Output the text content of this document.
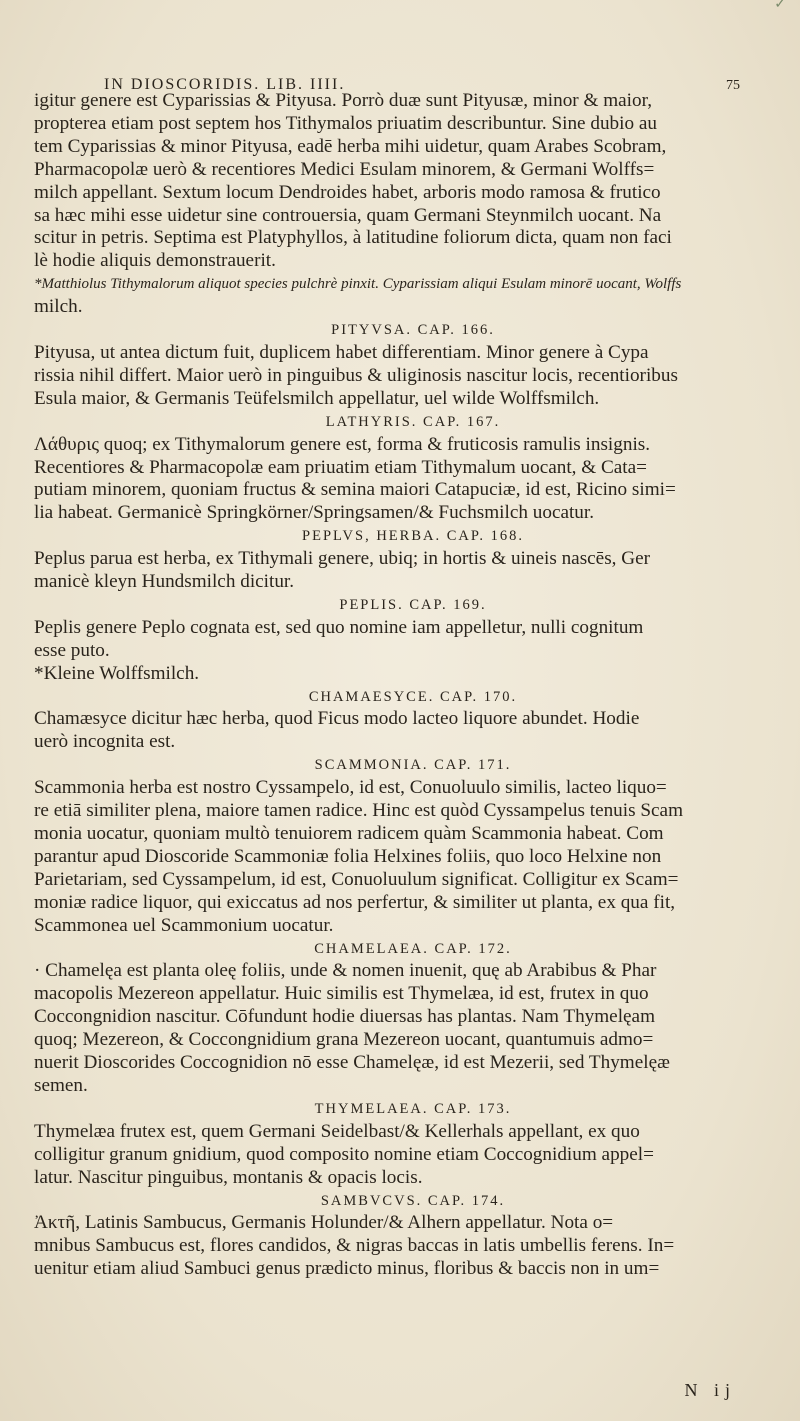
✓
IN DIOSCORIDIS. LIB. IIII.	75
igitur genere est Cyparissias & Pityusa. Porrò duæ sunt Pityusæ, minor & maior,
propterea etiam post septem hos Tithymalos priuatim describuntur. Sine dubio au
tem Cyparissias & minor Pityusa, eadē herba mihi uidetur, quam Arabes Scobram,
Pharmacopolæ uerò & recentiores Medici Esulam minorem, & Germani Wolffs=
milch appellant. Sextum locum Dendroides habet, arboris modo ramosa & frutico
sa hæc mihi esse uidetur sine controuersia, quam Germani Steynmilch uocant. Na
scitur in petris. Septima est Platyphyllos, à latitudine foliorum dicta, quam non faci
lè hodie aliquis demonstrauerit.
*Matthiolus Tithymalorum aliquot species pulchrè pinxit. Cyparissiam aliqui Esulam minorē uocant, Wolffs
milch.
PITYVSA. CAP. 166.
Pityusa, ut antea dictum fuit, duplicem habet differentiam. Minor genere à Cypa
rissia nihil differt. Maior uerò in pinguibus & uliginosis nascitur locis, recentioribus
Esula maior, & Germanis Teüfelsmilch appellatur, uel wilde Wolffsmilch.
LATHYRIS. CAP. 167.
Λάθυρις quoq; ex Tithymalorum genere est, forma & fruticosis ramulis insignis.
Recentiores & Pharmacopolæ eam priuatim etiam Tithymalum uocant, & Cata=
putiam minorem, quoniam fructus & semina maiori Catapuciæ, id est, Ricino simi=
lia habeat. Germanicè Springkörner/Springsamen/& Fuchsmilch uocatur.
PEPLVS, HERBA. CAP. 168.
Peplus parua est herba, ex Tithymali genere, ubiq; in hortis & uineis nascēs, Ger
manicè kleyn Hundsmilch dicitur.
PEPLIS. CAP. 169.
Peplis genere Peplo cognata est, sed quo nomine iam appelletur, nulli cognitum
esse puto.
*Kleine Wolffsmilch.
CHAMAESYCE. CAP. 170.
Chamæsyce dicitur hæc herba, quod Ficus modo lacteo liquore abundet. Hodie
uerò incognita est.
SCAMMONIA. CAP. 171.
Scammonia herba est nostro Cyssampelo, id est, Conuoluulo similis, lacteo liquo=
re etiā similiter plena, maiore tamen radice. Hinc est quòd Cyssampelus tenuis Scam
monia uocatur, quoniam multò tenuiorem radicem quàm Scammonia habeat. Com
parantur apud Dioscoride Scammoniæ folia Helxines foliis, quo loco Helxine non
Parietariam, sed Cyssampelum, id est, Conuoluulum significat. Colligitur ex Scam=
moniæ radice liquor, qui exiccatus ad nos perfertur, & similiter ut planta, ex qua fit,
Scammonea uel Scammonium uocatur.
CHAMELAEA. CAP. 172.
· Chamelęa est planta oleę foliis, unde & nomen inuenit, quę ab Arabibus & Phar
macopolis Mezereon appellatur. Huic similis est Thymelæa, id est, frutex in quo
Coccongnidion nascitur. Cōfundunt hodie diuersas has plantas. Nam Thymelęam
quoq; Mezereon, & Coccongnidium grana Mezereon uocant, quantumuis admo=
nuerit Dioscorides Coccognidion nō esse Chamelęæ, id est Mezerii, sed Thymelęæ
semen.
THYMELAEA. CAP. 173.
Thymelæa frutex est, quem Germani Seidelbast/& Kellerhals appellant, ex quo
colligitur granum gnidium, quod composito nomine etiam Coccognidium appel=
latur. Nascitur pinguibus, montanis & opacis locis.
SAMBVCVS. CAP. 174.
Ἀκτῆ, Latinis Sambucus, Germanis Holunder/& Alhern appellatur. Nota o=
mnibus Sambucus est, flores candidos, & nigras baccas in latis umbellis ferens. In=
uenitur etiam aliud Sambuci genus prædicto minus, floribus & baccis non in um=
N ij
